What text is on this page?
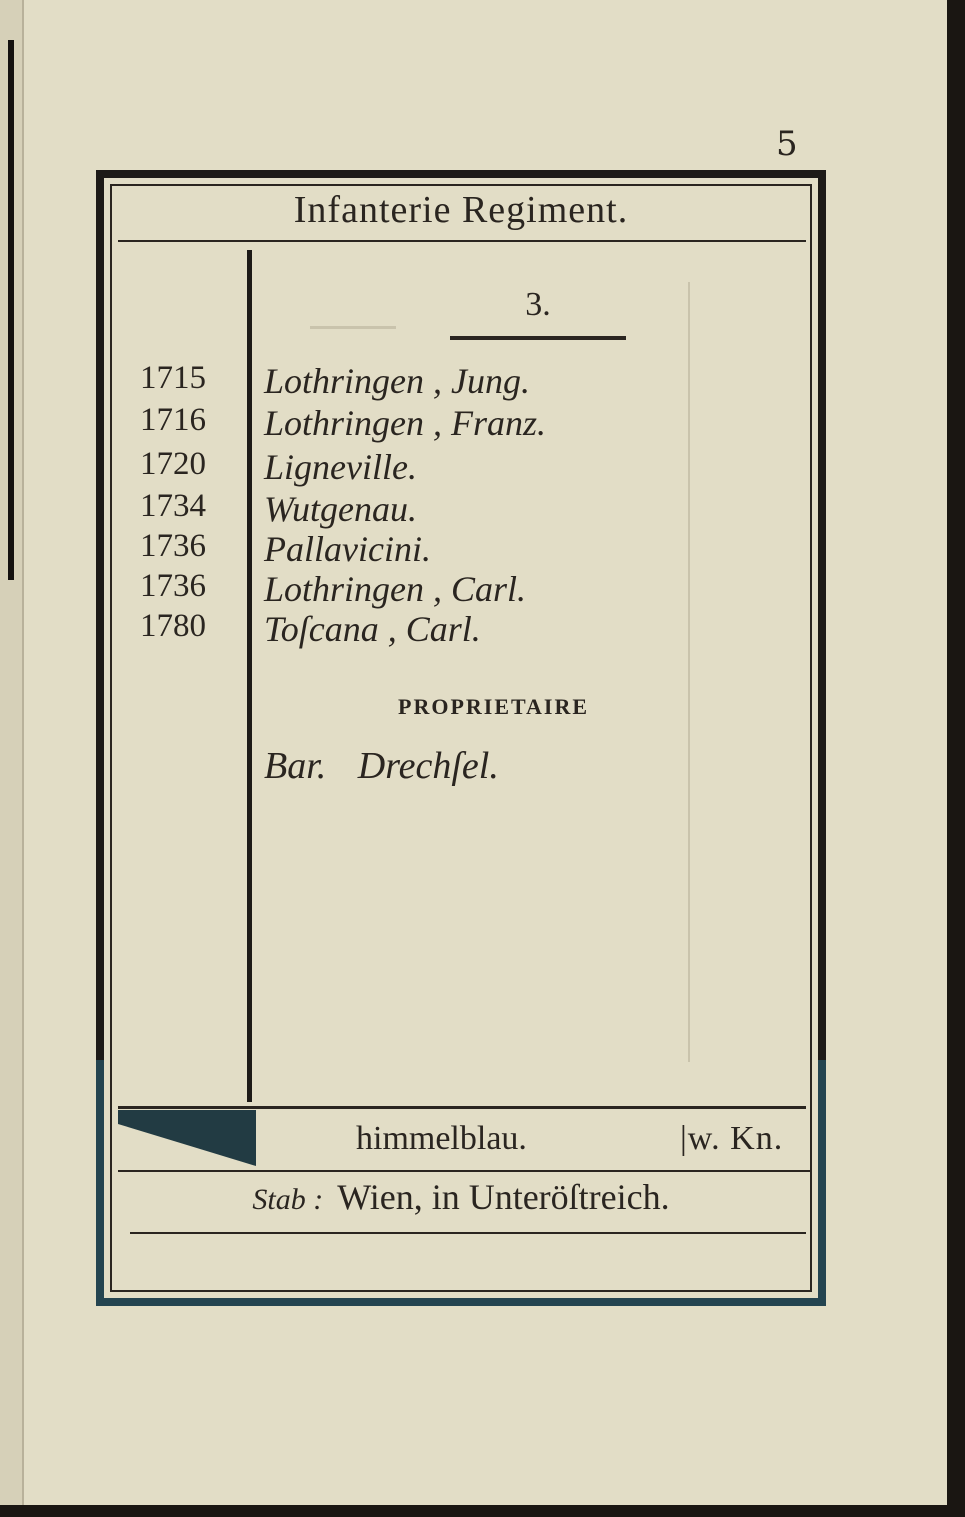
5
Infanterie Regiment.
3.
1715	Lothringen , Jung.
1716	Lothringen , Franz.
1720	Ligneville.
1734	Wutgenau.
1736	Pallavicini.
1736	Lothringen , Carl.
1780	Toſcana , Carl.
PROPRIETAIRE
Bar. Drechſel.
himmelblau.	|w. Kn.
Stab : Wien, in Unteröſtreich.
